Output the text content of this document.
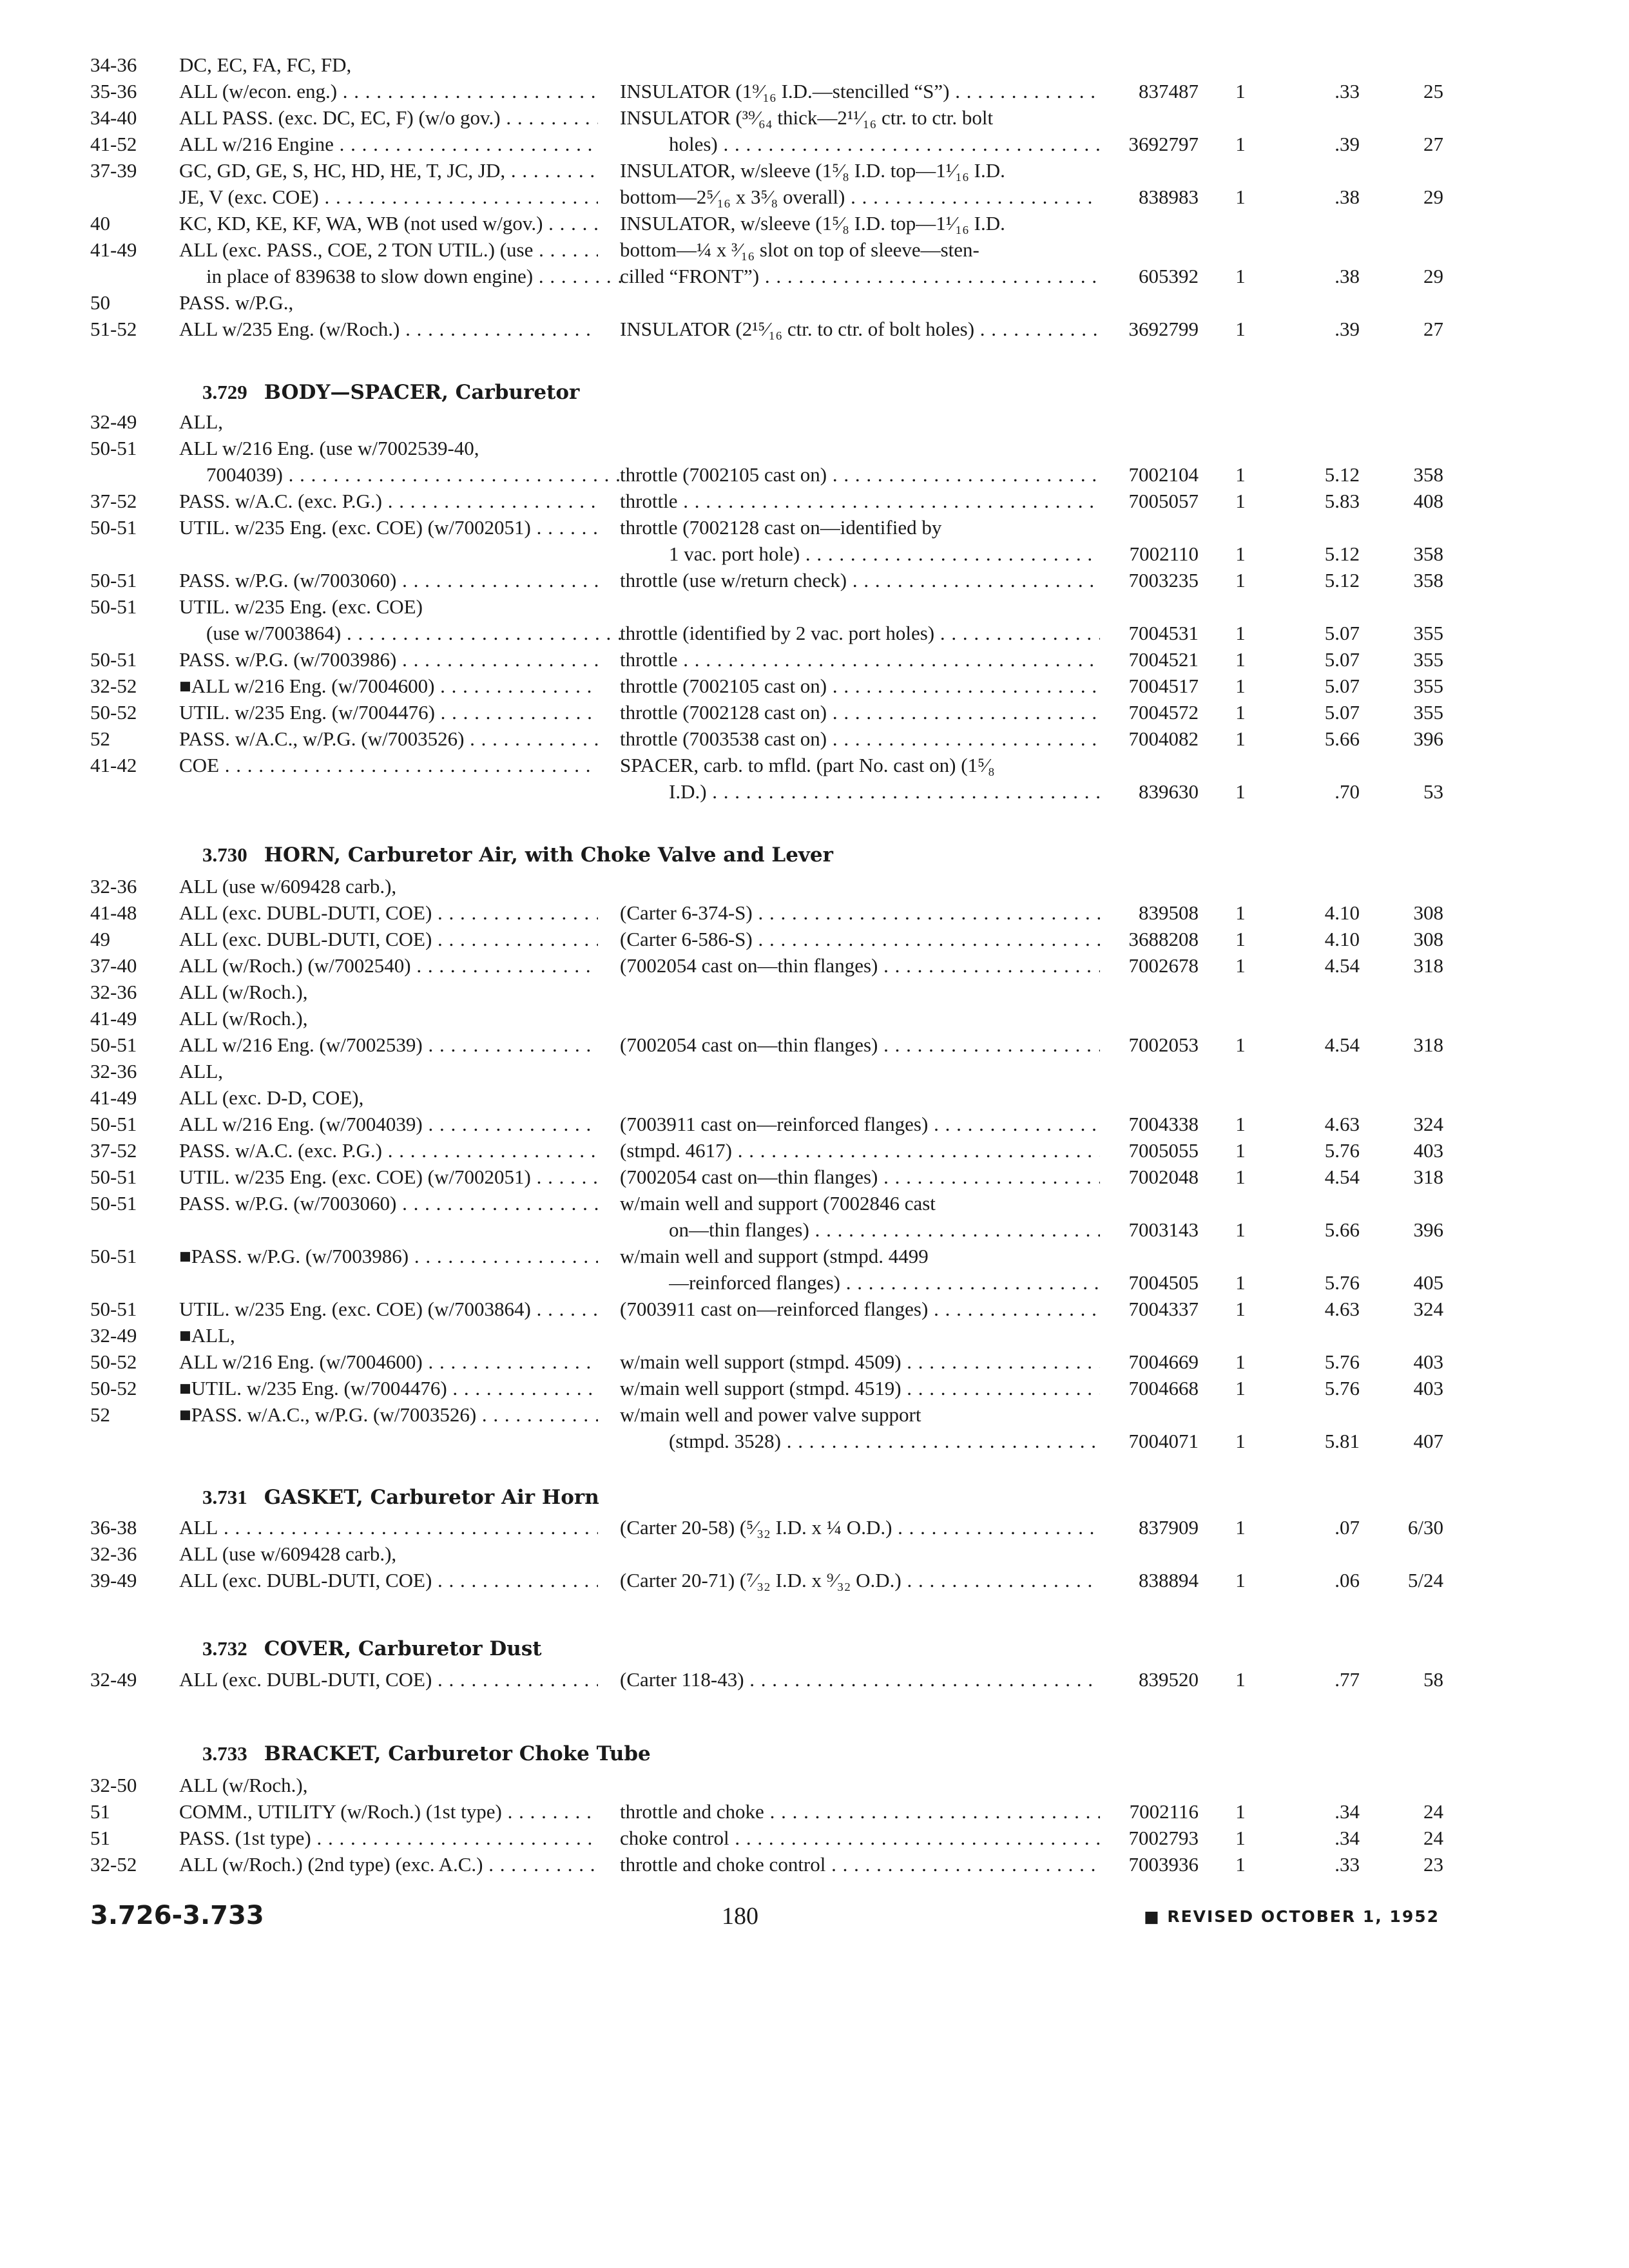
34-36	DC, EC, FA, FC, FD,
35-36	ALL (w/econ. eng.) . . .	INSULATOR (1⁹⁄₁₆ I.D.—stencilled “S”) . . .	837487	1	.33	25
34-40	ALL PASS. (exc. DC, EC, F) (w/o gov.) . . .	INSULATOR (³⁹⁄₆₄ thick—2¹¹⁄₁₆ ctr. to ctr. bolt
41-52	ALL w/216 Engine . . .	holes) . . .	3692797	1	.39	27
37-39	GC, GD, GE, S, HC, HD, HE, T, JC, JD, . . .	INSULATOR, w/sleeve (1⁵⁄₈ I.D. top—1¹⁄₁₆ I.D.
JE, V (exc. COE) . . .	bottom—2⁵⁄₁₆ x 3⁵⁄₈ overall) . . .	838983	1	.38	29
40	KC, KD, KE, KF, WA, WB (not used w/gov.) . . .	INSULATOR, w/sleeve (1⁵⁄₈ I.D. top—1¹⁄₁₆ I.D.
41-49	ALL (exc. PASS., COE, 2 TON UTIL.) (use . . .	bottom—¼ x ³⁄₁₆ slot on top of sleeve—sten-
in place of 839638 to slow down engine) . . .	cilled “FRONT”) . . .	605392	1	.38	29
50	PASS. w/P.G.,
51-52	ALL w/235 Eng. (w/Roch.) . . .	INSULATOR (2¹⁵⁄₁₆ ctr. to ctr. of bolt holes) . . .	3692799	1	.39	27
3.729 BODY—SPACER, Carburetor
32-49	ALL,
50-51	ALL w/216 Eng. (use w/7002539-40,
7004039) . . .	throttle (7002105 cast on) . . .	7002104	1	5.12	358
37-52	PASS. w/A.C. (exc. P.G.) . . .	throttle . . .	7005057	1	5.83	408
50-51	UTIL. w/235 Eng. (exc. COE) (w/7002051) . . .	throttle (7002128 cast on—identified by
1 vac. port hole) . . .	7002110	1	5.12	358
50-51	PASS. w/P.G. (w/7003060) . . .	throttle (use w/return check) . . .	7003235	1	5.12	358
50-51	UTIL. w/235 Eng. (exc. COE)
(use w/7003864) . . .	throttle (identified by 2 vac. port holes) . . .	7004531	1	5.07	355
50-51	PASS. w/P.G. (w/7003986) . . .	throttle . . .	7004521	1	5.07	355
32-52	■ALL w/216 Eng. (w/7004600) . . .	throttle (7002105 cast on) . . .	7004517	1	5.07	355
50-52	UTIL. w/235 Eng. (w/7004476) . . .	throttle (7002128 cast on) . . .	7004572	1	5.07	355
52	PASS. w/A.C., w/P.G. (w/7003526) . . .	throttle (7003538 cast on) . . .	7004082	1	5.66	396
41-42	COE . . .	SPACER, carb. to mfld. (part No. cast on) (1⁵⁄₈
I.D.) . . .	839630	1	.70	53
3.730 HORN, Carburetor Air, with Choke Valve and Lever
32-36	ALL (use w/609428 carb.),
41-48	ALL (exc. DUBL-DUTI, COE) . . .	(Carter 6-374-S) . . .	839508	1	4.10	308
49	ALL (exc. DUBL-DUTI, COE) . . .	(Carter 6-586-S) . . .	3688208	1	4.10	308
37-40	ALL (w/Roch.) (w/7002540) . . .	(7002054 cast on—thin flanges) . . .	7002678	1	4.54	318
32-36	ALL (w/Roch.),
41-49	ALL (w/Roch.),
50-51	ALL w/216 Eng. (w/7002539) . . .	(7002054 cast on—thin flanges) . . .	7002053	1	4.54	318
32-36	ALL,
41-49	ALL (exc. D-D, COE),
50-51	ALL w/216 Eng. (w/7004039) . . .	(7003911 cast on—reinforced flanges) . . .	7004338	1	4.63	324
37-52	PASS. w/A.C. (exc. P.G.) . . .	(stmpd. 4617) . . .	7005055	1	5.76	403
50-51	UTIL. w/235 Eng. (exc. COE) (w/7002051) . . .	(7002054 cast on—thin flanges) . . .	7002048	1	4.54	318
50-51	PASS. w/P.G. (w/7003060) . . .	w/main well and support (7002846 cast
on—thin flanges) . . .	7003143	1	5.66	396
50-51	■PASS. w/P.G. (w/7003986) . . .	w/main well and support (stmpd. 4499
—reinforced flanges) . . .	7004505	1	5.76	405
50-51	UTIL. w/235 Eng. (exc. COE) (w/7003864) . . .	(7003911 cast on—reinforced flanges) . . .	7004337	1	4.63	324
32-49	■ALL,
50-52	ALL w/216 Eng. (w/7004600) . . .	w/main well support (stmpd. 4509) . . .	7004669	1	5.76	403
50-52	■UTIL. w/235 Eng. (w/7004476) . . .	w/main well support (stmpd. 4519) . . .	7004668	1	5.76	403
52	■PASS. w/A.C., w/P.G. (w/7003526) . . .	w/main well and power valve support
(stmpd. 3528) . . .	7004071	1	5.81	407
3.731 GASKET, Carburetor Air Horn
36-38	ALL . . .	(Carter 20-58) (⁵⁄₃₂ I.D. x ¼ O.D.) . . .	837909	1	.07	6/30
32-36	ALL (use w/609428 carb.),
39-49	ALL (exc. DUBL-DUTI, COE) . . .	(Carter 20-71) (⁷⁄₃₂ I.D. x ⁹⁄₃₂ O.D.) . . .	838894	1	.06	5/24
3.732 COVER, Carburetor Dust
32-49	ALL (exc. DUBL-DUTI, COE) . . .	(Carter 118-43) . . .	839520	1	.77	58
3.733 BRACKET, Carburetor Choke Tube
32-50	ALL (w/Roch.),
51	COMM., UTILITY (w/Roch.) (1st type) . . .	throttle and choke . . .	7002116	1	.34	24
51	PASS. (1st type) . . .	choke control . . .	7002793	1	.34	24
32-52	ALL (w/Roch.) (2nd type) (exc. A.C.) . . .	throttle and choke control . . .	7003936	1	.33	23
3.726-3.733	180	■ REVISED OCTOBER 1, 1952
